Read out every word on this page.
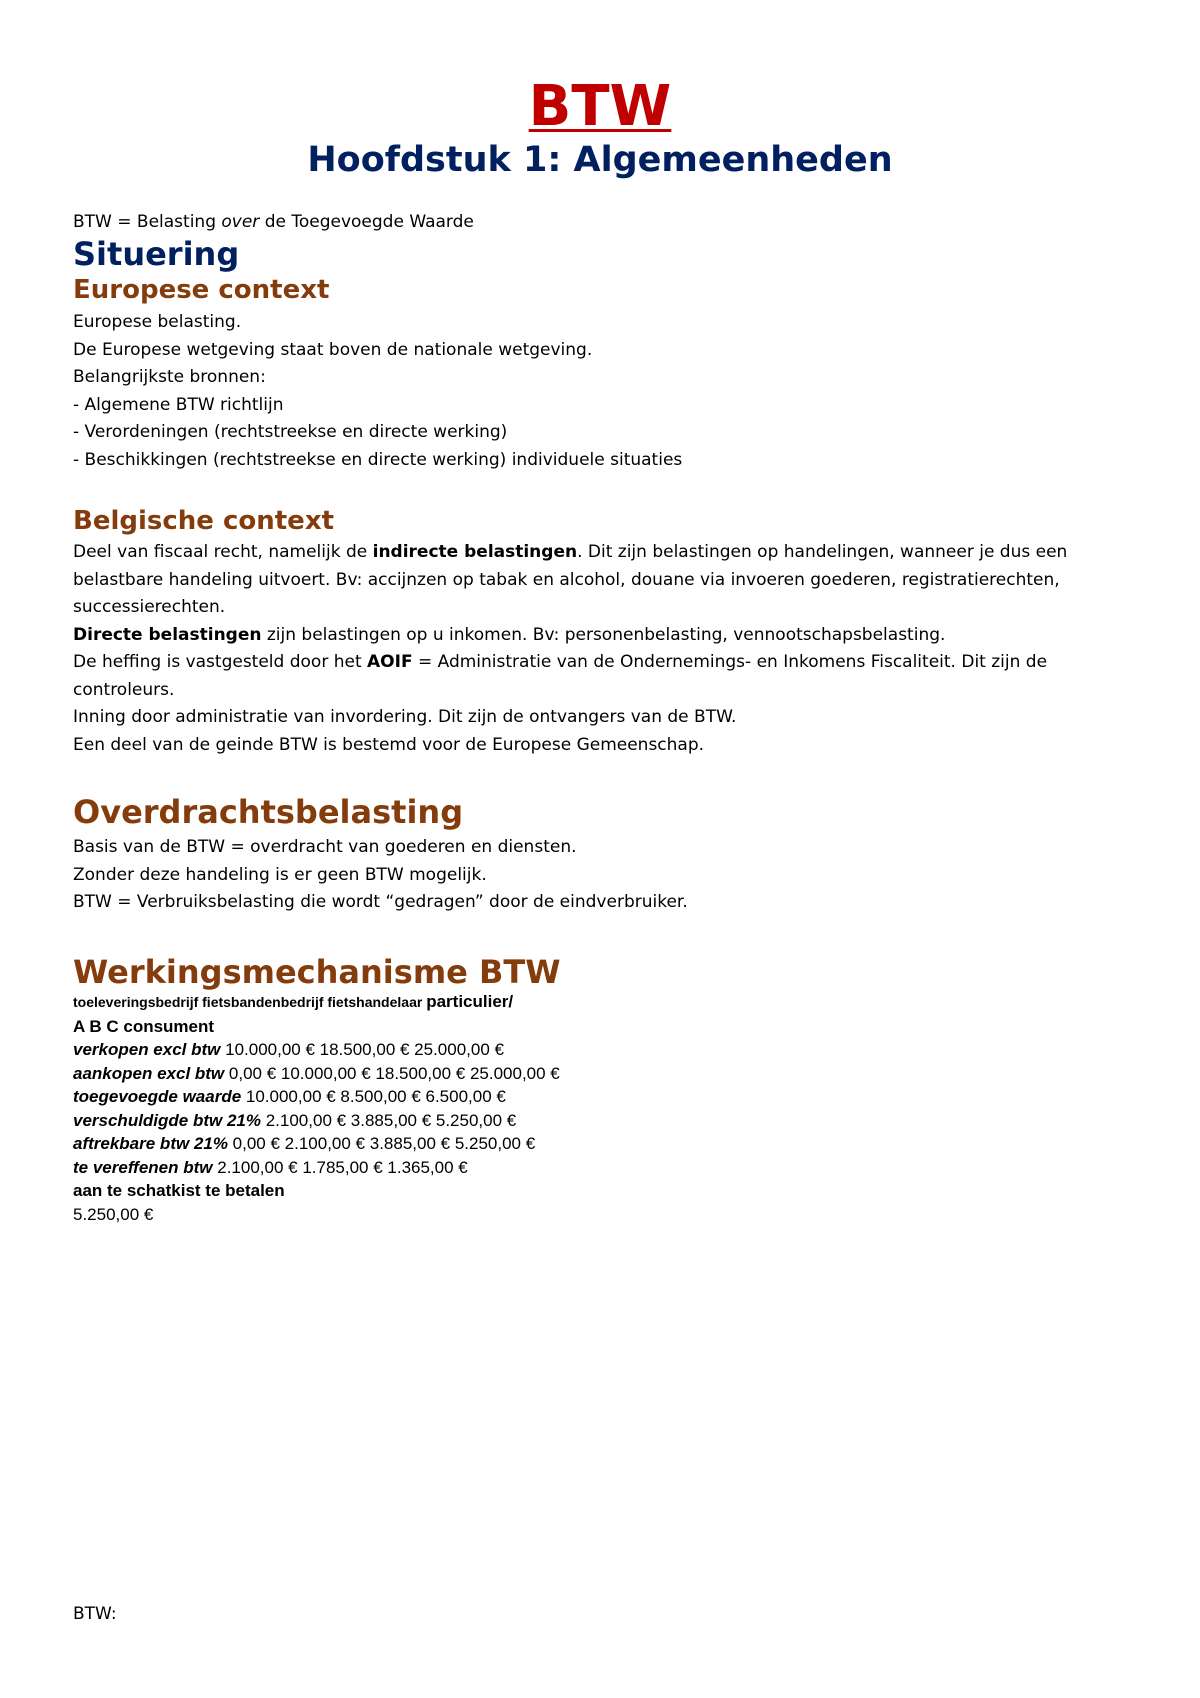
BTW
Hoofdstuk 1: Algemeenheden
BTW = Belasting over de Toegevoegde Waarde
Situering
Europese context
Europese belasting.
De Europese wetgeving staat boven de nationale wetgeving.
Belangrijkste bronnen:
- Algemene BTW richtlijn
- Verordeningen (rechtstreekse en directe werking)
- Beschikkingen (rechtstreekse en directe werking) individuele situaties
Belgische context
Deel van fiscaal recht, namelijk de indirecte belastingen. Dit zijn belastingen op handelingen, wanneer je dus een belastbare handeling uitvoert. Bv: accijnzen op tabak en alcohol, douane via invoeren goederen, registratierechten, successierechten.
Directe belastingen zijn belastingen op u inkomen. Bv: personenbelasting, vennootschapsbelasting.
De heffing is vastgesteld door het AOIF = Administratie van de Ondernemings- en Inkomens Fiscaliteit. Dit zijn de controleurs.
Inning door administratie van invordering. Dit zijn de ontvangers van de BTW.
Een deel van de geinde BTW is bestemd voor de Europese Gemeenschap.
Overdrachtsbelasting
Basis van de BTW = overdracht van goederen en diensten.
Zonder deze handeling is er geen BTW mogelijk.
BTW = Verbruiksbelasting die wordt “gedragen” door de eindverbruiker.
Werkingsmechanisme BTW
toeleveringsbedrijf fietsbandenbedrijf fietshandelaar particulier/
A B C consument
verkopen excl btw 10.000,00 € 18.500,00 € 25.000,00 €
aankopen excl btw 0,00 € 10.000,00 € 18.500,00 € 25.000,00 €
toegevoegde waarde 10.000,00 € 8.500,00 € 6.500,00 €
verschuldigde btw 21% 2.100,00 € 3.885,00 € 5.250,00 €
aftrekbare btw 21% 0,00 € 2.100,00 € 3.885,00 € 5.250,00 €
te vereffenen btw 2.100,00 € 1.785,00 € 1.365,00 €
aan te schatkist te betalen
5.250,00 €
BTW:
